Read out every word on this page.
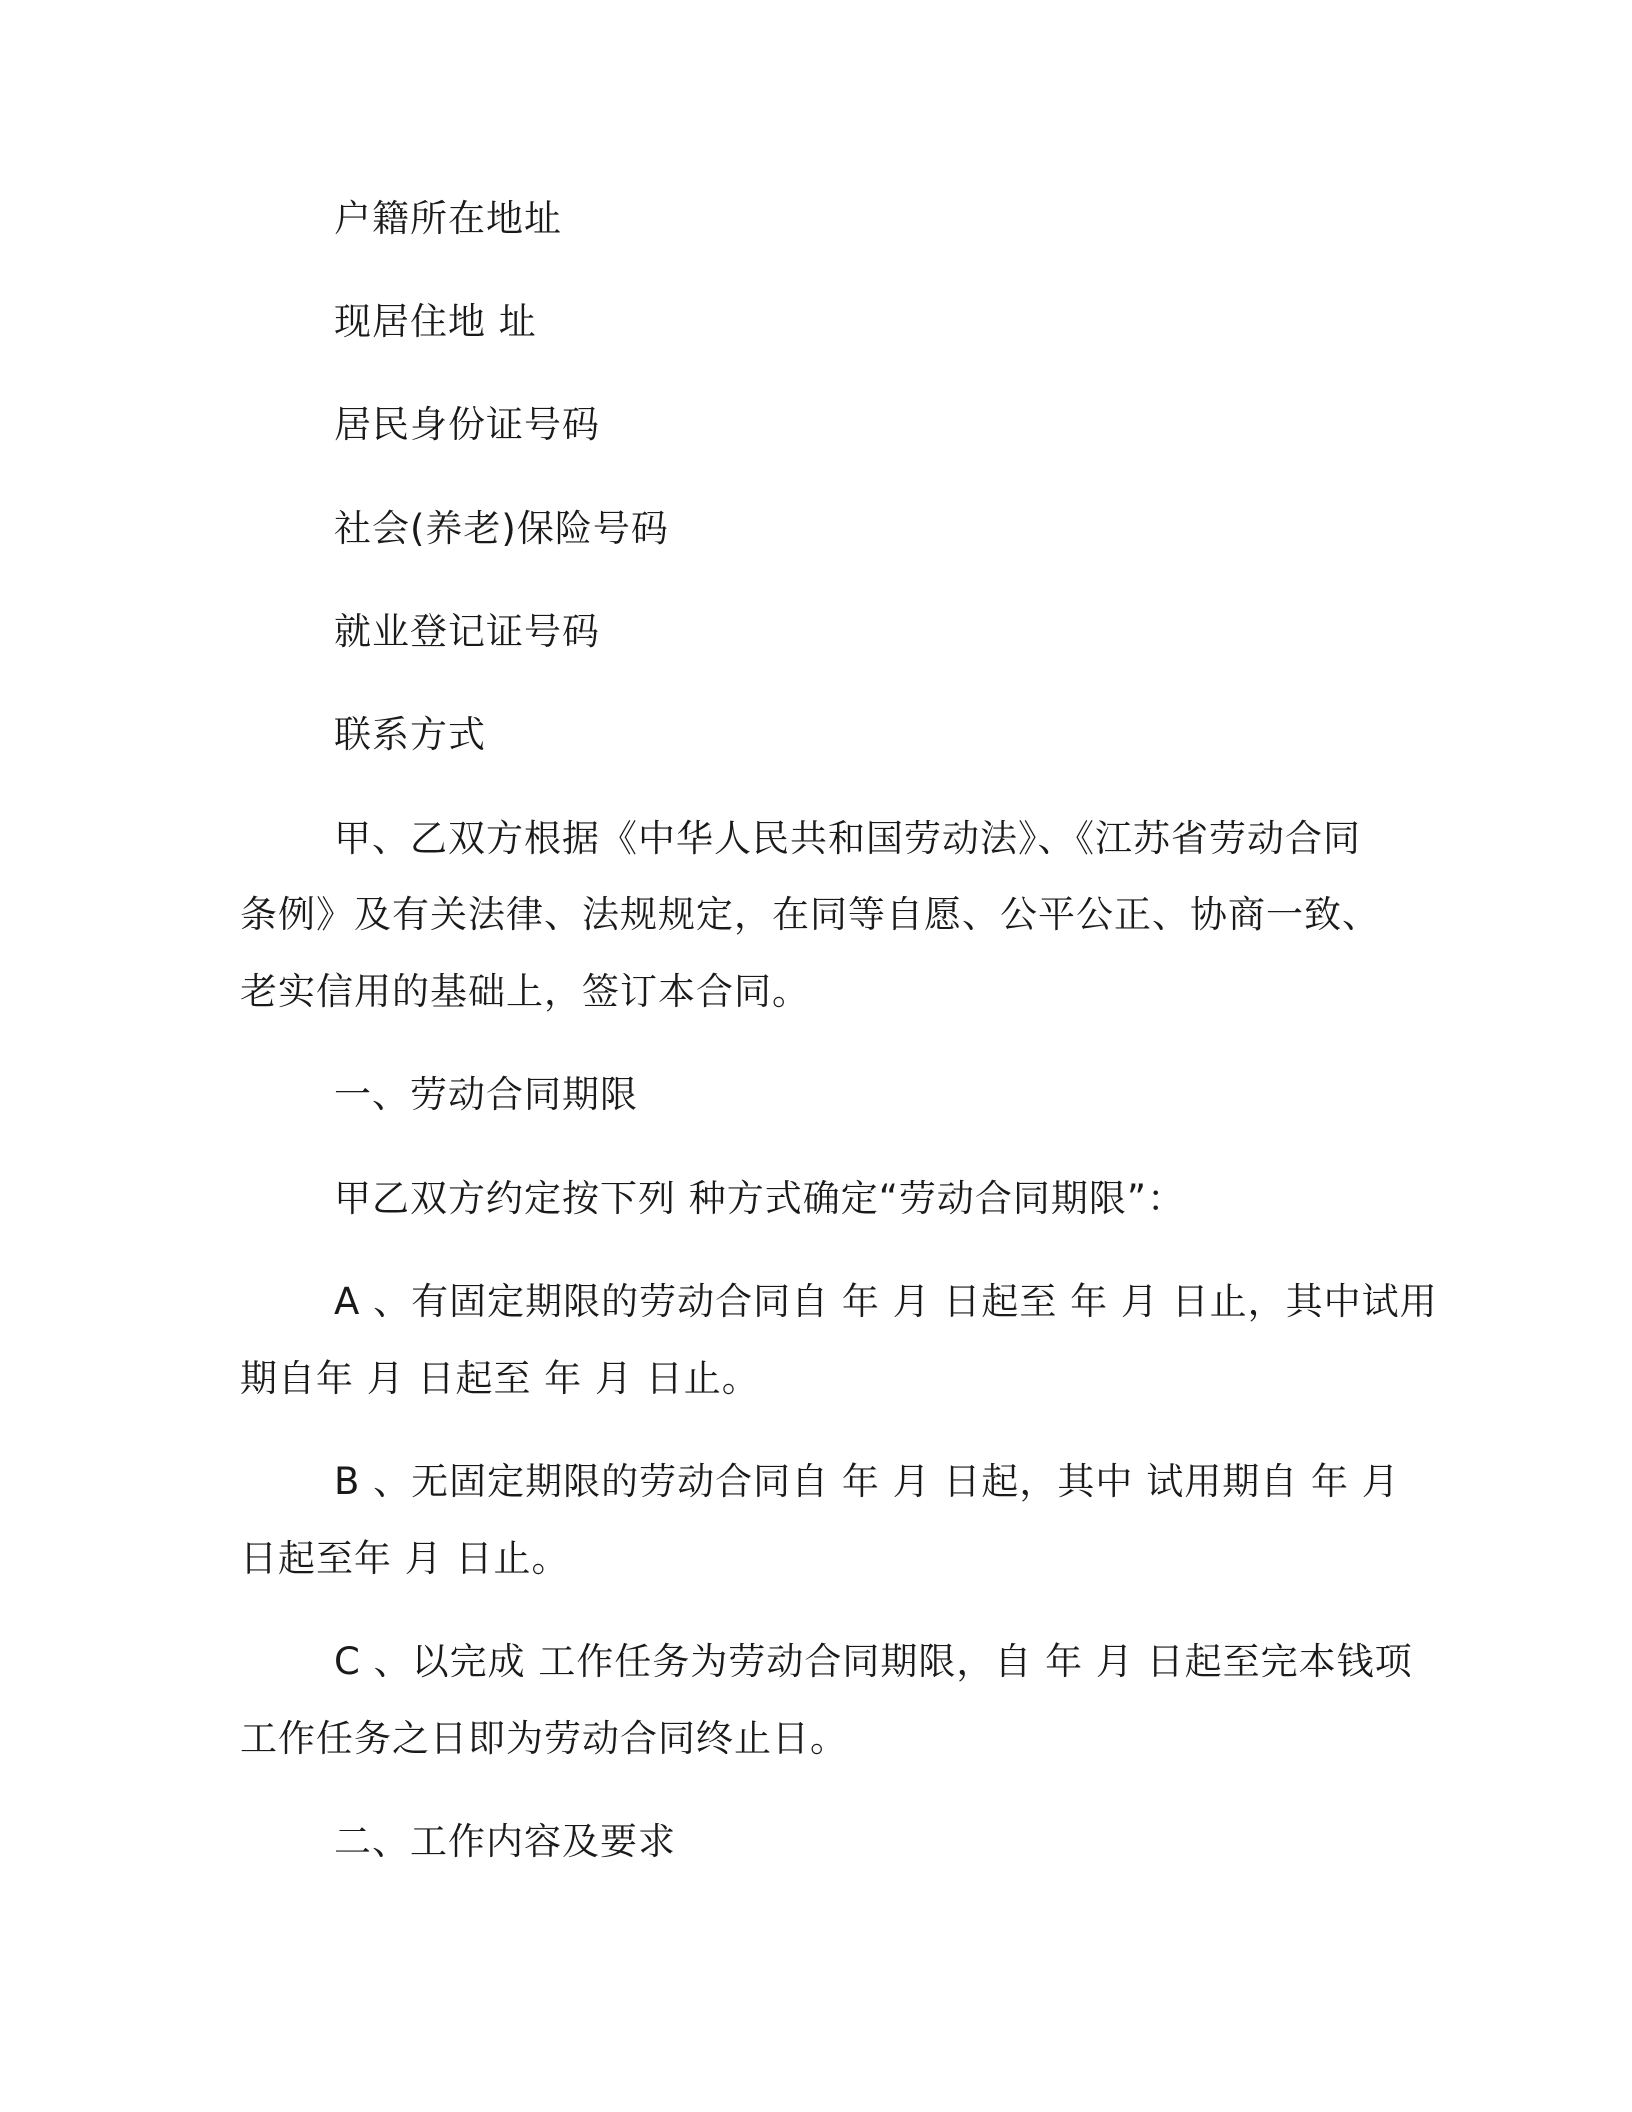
户籍所在地址
现居住地 址
居民身份证号码
社会(养老)保险号码
就业登记证号码
联系方式
甲、乙双方根据《中华人民共和国劳动法》、《江苏省劳动合同
条例》及有关法律、法规规定，在同等自愿、公平公正、协商一致、
老实信用的基础上，签订本合同。
一、劳动合同期限
甲乙双方约定按下列 种方式确定“劳动合同期限”：
A 、有固定期限的劳动合同自 年 月 日起至 年 月 日止，其中试用
期自年 月 日起至 年 月 日止。
B 、无固定期限的劳动合同自 年 月 日起，其中 试用期自 年 月
日起至年 月 日止。
C 、以完成 工作任务为劳动合同期限，自 年 月 日起至完本钱项
工作任务之日即为劳动合同终止日。
二、工作内容及要求
